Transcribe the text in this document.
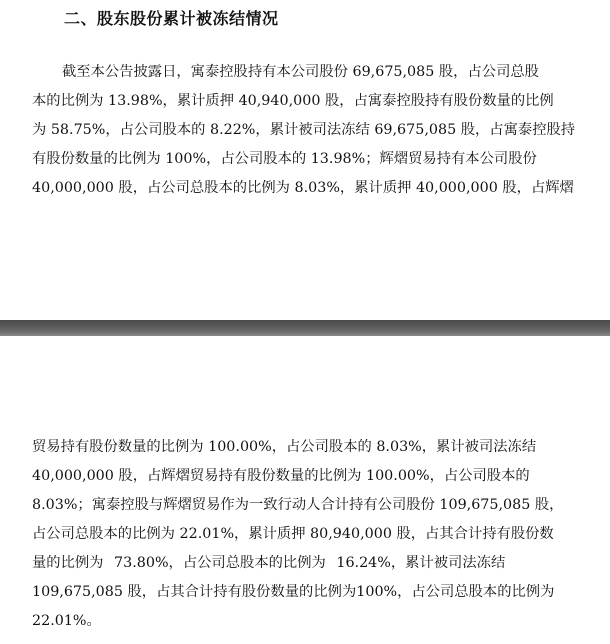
二、股东股份累计被冻结情况
截至本公告披露日，寓泰控股持有本公司股份 69,675,085 股，占公司总股
本的比例为 13.98%，累计质押 40,940,000 股，占寓泰控股持有股份数量的比例
为 58.75%，占公司股本的 8.22%，累计被司法冻结 69,675,085 股，占寓泰控股持
有股份数量的比例为 100%，占公司股本的 13.98%；辉熠贸易持有本公司股份
40,000,000 股，占公司总股本的比例为 8.03%，累计质押 40,000,000 股，占辉熠
贸易持有股份数量的比例为 100.00%，占公司股本的 8.03%，累计被司法冻结
40,000,000 股，占辉熠贸易持有股份数量的比例为 100.00%，占公司股本的
8.03%；寓泰控股与辉熠贸易作为一致行动人合计持有公司股份 109,675,085 股，
占公司总股本的比例为 22.01%，累计质押 80,940,000 股，占其合计持有股份数
量的比例为 73.80%，占公司总股本的比例为 16.24%，累计被司法冻结
109,675,085 股，占其合计持有股份数量的比例为100%，占公司总股本的比例为
22.01%。
